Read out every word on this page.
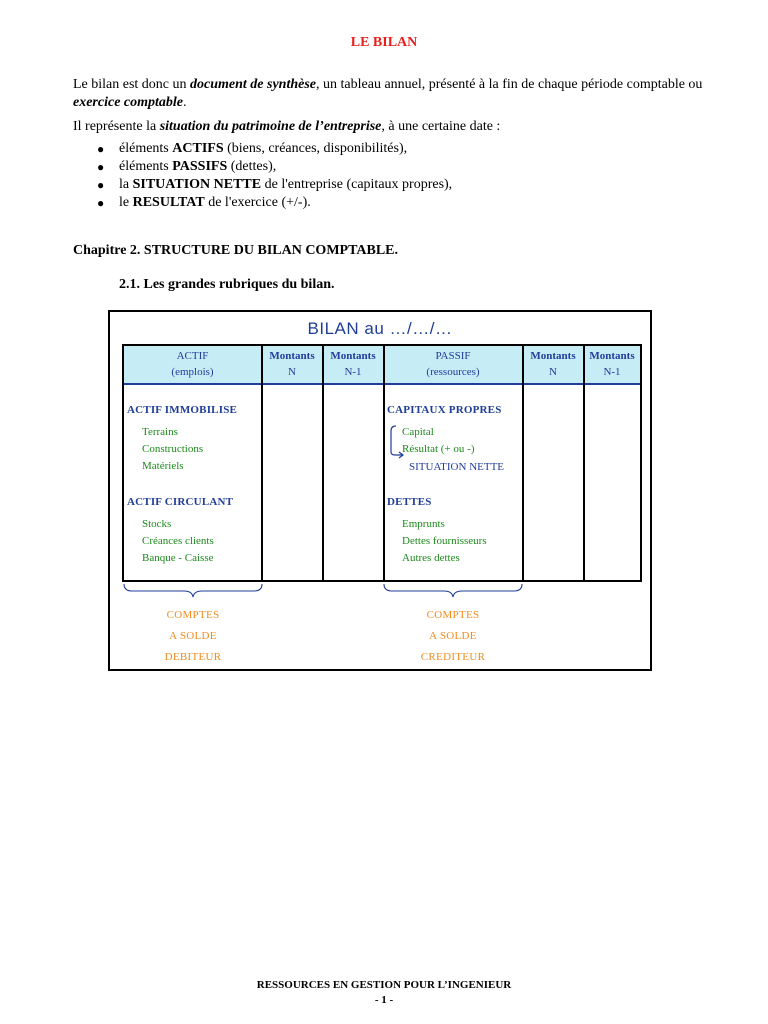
LE BILAN
Le bilan est donc un document de synthèse, un tableau annuel, présenté à la fin de chaque période comptable ou exercice comptable.
Il représente la situation du patrimoine de l’entreprise, à une certaine date :
● éléments ACTIFS (biens, créances, disponibilités),
● éléments PASSIFS (dettes),
● la SITUATION NETTE de l'entreprise (capitaux propres),
● le RESULTAT de l'exercice (+/-).
Chapitre 2. STRUCTURE DU BILAN COMPTABLE.
2.1. Les grandes rubriques du bilan.
BILAN au …/…/…
ACTIF
(emplois)
Montants
N
Montants
N-1
PASSIF
(ressources)
Montants
N
Montants
N-1
ACTIF IMMOBILISE
Terrains
Constructions
Matériels
ACTIF CIRCULANT
Stocks
Créances clients
Banque - Caisse
CAPITAUX PROPRES
Capital
Résultat (+ ou -)
SITUATION NETTE
DETTES
Emprunts
Dettes fournisseurs
Autres dettes
COMPTES
A SOLDE
DEBITEUR
COMPTES
A SOLDE
CREDITEUR
RESSOURCES EN GESTION POUR L’INGENIEUR
- 1 -
